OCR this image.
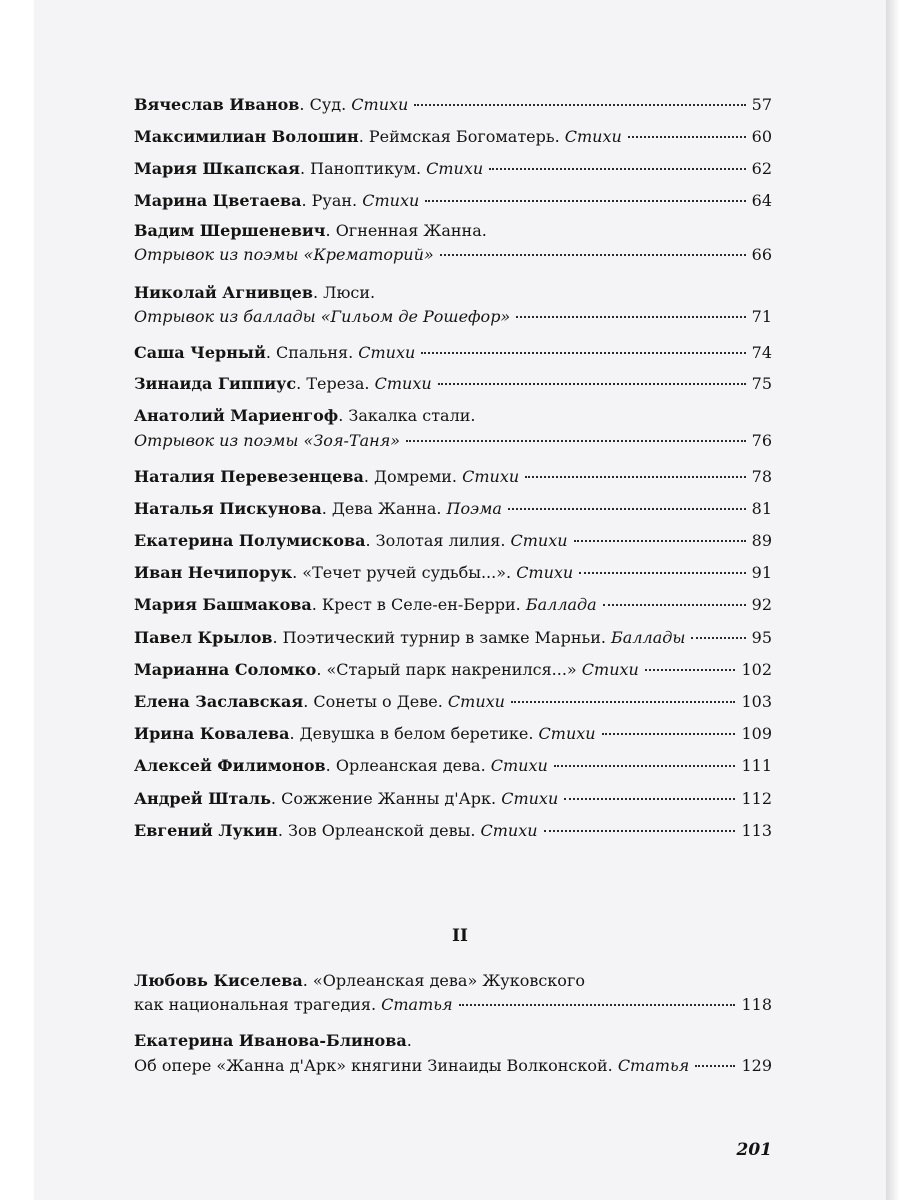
Вячеслав Иванов. Суд. Стихи	57
Максимилиан Волошин. Реймская Богоматерь. Стихи	60
Мария Шкапская. Паноптикум. Стихи	62
Марина Цветаева. Руан. Стихи	64
Вадим Шершеневич. Огненная Жанна.
Отрывок из поэмы «Крематорий»	66
Николай Агнивцев. Люси.
Отрывок из баллады «Гильом де Рошефор»	71
Саша Черный. Спальня. Стихи	74
Зинаида Гиппиус. Тереза. Стихи	75
Анатолий Мариенгоф. Закалка стали.
Отрывок из поэмы «Зоя-Таня»	76
Наталия Перевезенцева. Домреми. Стихи	78
Наталья Пискунова. Дева Жанна. Поэма	81
Екатерина Полумискова. Золотая лилия. Стихи	89
Иван Нечипорук. «Течет ручей судьбы...». Стихи	91
Мария Башмакова. Крест в Селе-ен-Берри. Баллада	92
Павел Крылов. Поэтический турнир в замке Марньи. Баллады	95
Марианна Соломко. «Старый парк накренился...» Стихи	102
Елена Заславская. Сонеты о Деве. Стихи	103
Ирина Ковалева. Девушка в белом беретике. Стихи	109
Алексей Филимонов. Орлеанская дева. Стихи	111
Андрей Шталь. Сожжение Жанны д'Арк. Стихи	112
Евгений Лукин. Зов Орлеанской девы. Стихи	113
II
Любовь Киселева. «Орлеанская дева» Жуковского
как национальная трагедия. Статья	118
Екатерина Иванова-Блинова.
Об опере «Жанна д'Арк» княгини Зинаиды Волконской. Статья	129
201
